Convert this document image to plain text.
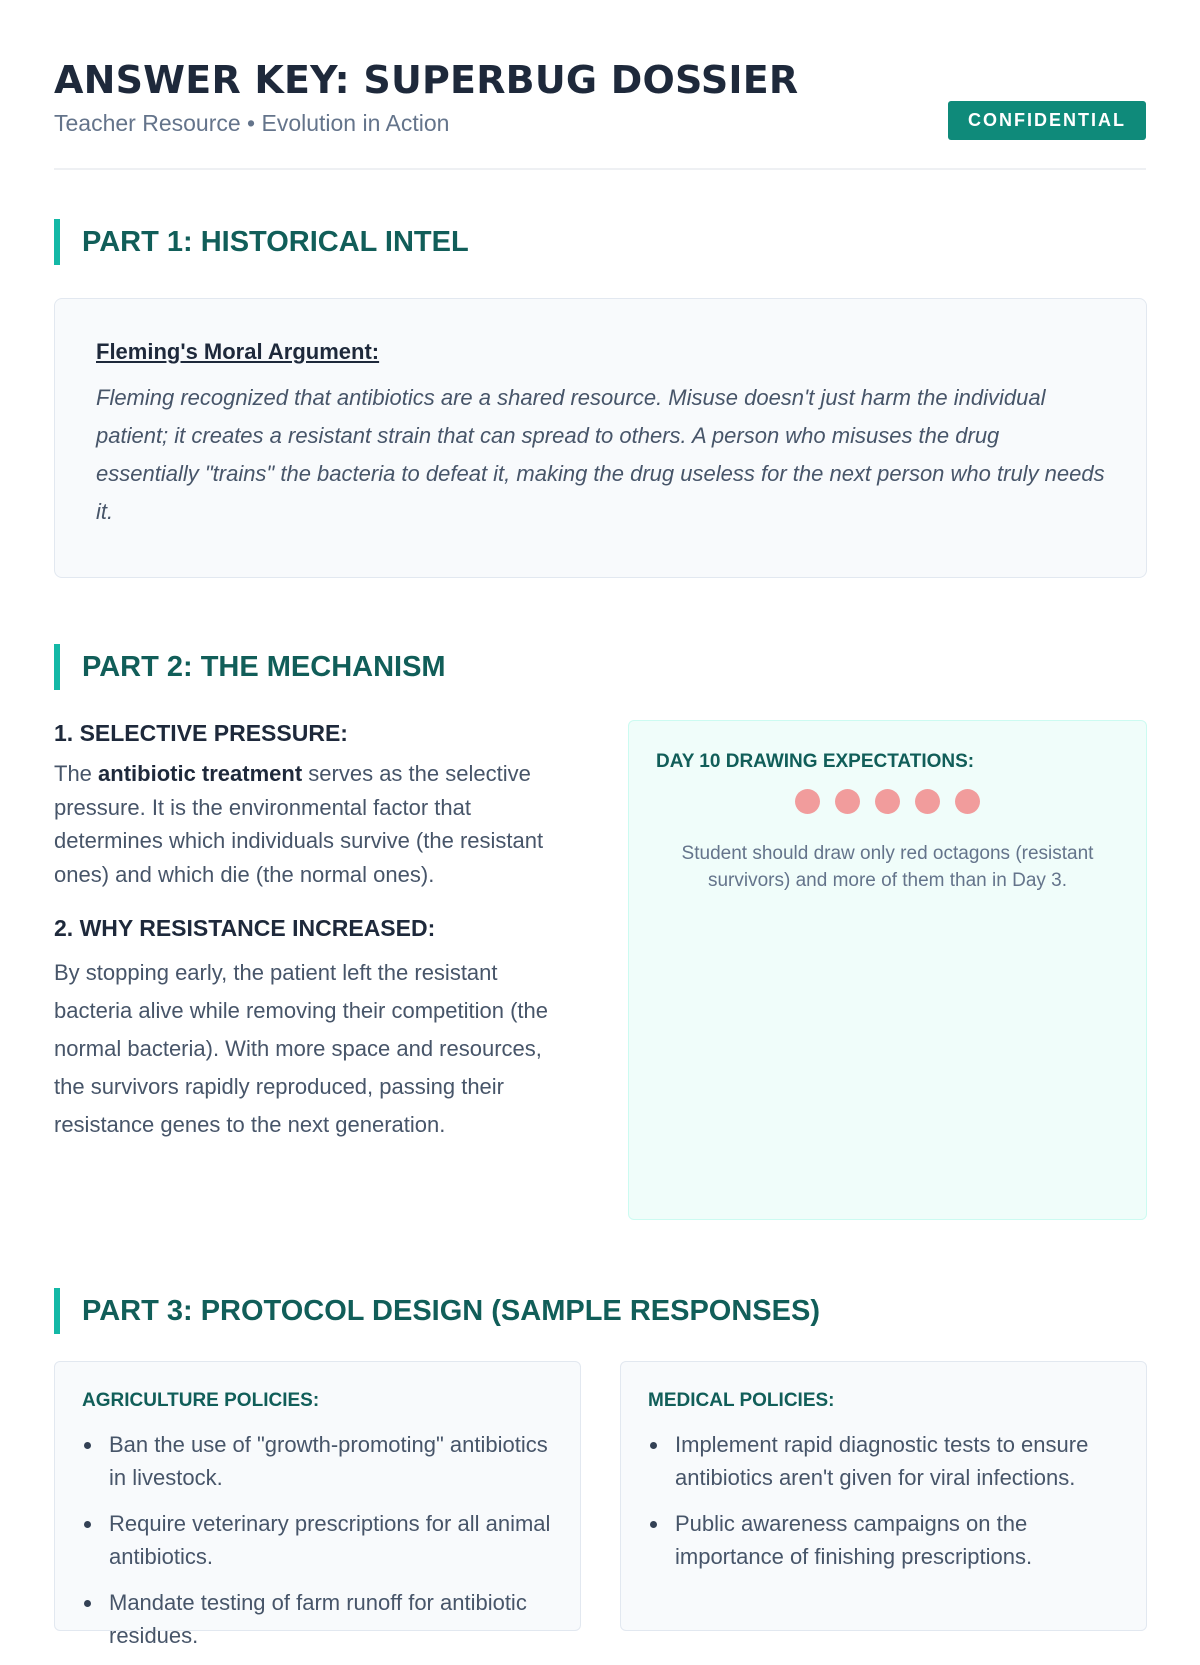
ANSWER KEY: SUPERBUG DOSSIER
Teacher Resource • Evolution in Action	CONFIDENTIAL
PART 1: HISTORICAL INTEL
Fleming's Moral Argument:

Fleming recognized that antibiotics are a shared resource. Misuse doesn't just harm the individual patient; it creates a resistant strain that can spread to others. A person who misuses the drug essentially "trains" the bacteria to defeat it, making the drug useless for the next person who truly needs it.

PART 2: THE MECHANISM
1. SELECTIVE PRESSURE:

The antibiotic treatment serves as the selective pressure. It is the environmental factor that determines which individuals survive (the resistant ones) and which die (the normal ones).

2. WHY RESISTANCE INCREASED:

By stopping early, the patient left the resistant bacteria alive while removing their competition (the normal bacteria). With more space and resources, the survivors rapidly reproduced, passing their resistance genes to the next generation.

DAY 10 DRAWING EXPECTATIONS:

Student should draw only red octagons (resistant survivors) and more of them than in Day 3.

PART 3: PROTOCOL DESIGN (SAMPLE RESPONSES)
AGRICULTURE POLICIES:
Ban the use of "growth-promoting" antibiotics in livestock.
Require veterinary prescriptions for all animal antibiotics.
Mandate testing of farm runoff for antibiotic residues.
MEDICAL POLICIES:
Implement rapid diagnostic tests to ensure antibiotics aren't given for viral infections.
Public awareness campaigns on the importance of finishing prescriptions.
